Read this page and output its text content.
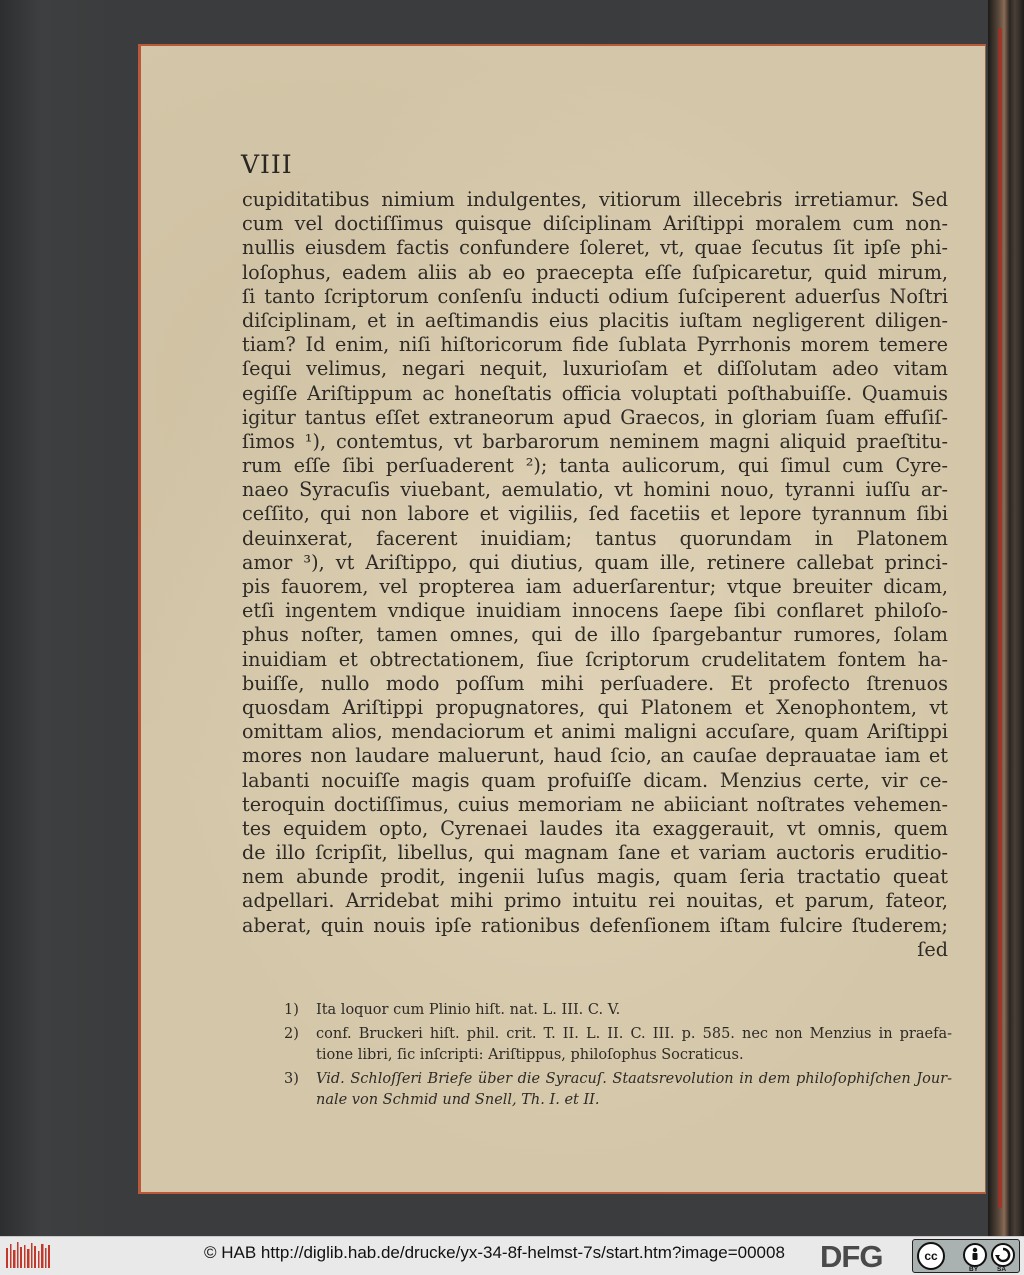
VIII
cupiditatibus nimium indulgentes, vitiorum illecebris irretiamur. Sed
cum vel doctiſſimus quisque diſciplinam Ariſtippi moralem cum non-
nullis eiusdem factis confundere ſoleret, vt, quae ſecutus ſit ipſe phi-
loſophus, eadem aliis ab eo praecepta eſſe ſuſpicaretur, quid mirum,
ſi tanto ſcriptorum conſenſu inducti odium ſuſciperent aduerſus Noſtri
diſciplinam, et in aeſtimandis eius placitis iuſtam negligerent diligen-
tiam? Id enim, niſi hiſtoricorum fide ſublata Pyrrhonis morem temere
ſequi velimus, negari nequit, luxurioſam et diſſolutam adeo vitam
egiſſe Ariſtippum ac honeſtatis officia voluptati poſthabuiſſe. Quamuis
igitur tantus eſſet extraneorum apud Graecos, in gloriam ſuam effuſiſ-
ſimos ¹), contemtus, vt barbarorum neminem magni aliquid praeſtitu-
rum eſſe ſibi perſuaderent ²); tanta aulicorum, qui ſimul cum Cyre-
naeo Syracuſis viuebant, aemulatio, vt homini nouo, tyranni iuſſu ar-
ceſſito, qui non labore et vigiliis, ſed facetiis et lepore tyrannum ſibi
deuinxerat, facerent inuidiam; tantus quorundam in Platonem
amor ³), vt Ariſtippo, qui diutius, quam ille, retinere callebat princi-
pis fauorem, vel propterea iam aduerſarentur; vtque breuiter dicam,
etſi ingentem vndique inuidiam innocens ſaepe ſibi conflaret philoſo-
phus noſter, tamen omnes, qui de illo ſpargebantur rumores, ſolam
inuidiam et obtrectationem, ſiue ſcriptorum crudelitatem fontem ha-
buiſſe, nullo modo poſſum mihi perſuadere. Et profecto ſtrenuos
quosdam Ariſtippi propugnatores, qui Platonem et Xenophontem, vt
omittam alios, mendaciorum et animi maligni accuſare, quam Ariſtippi
mores non laudare maluerunt, haud ſcio, an cauſae deprauatae iam et
labanti nocuiſſe magis quam profuiſſe dicam. Menzius certe, vir ce-
teroquin doctiſſimus, cuius memoriam ne abiiciant noſtrates vehemen-
tes equidem opto, Cyrenaei laudes ita exaggerauit, vt omnis, quem
de illo ſcripſit, libellus, qui magnam ſane et variam auctoris eruditio-
nem abunde prodit, ingenii luſus magis, quam ſeria tractatio queat
adpellari. Arridebat mihi primo intuitu rei nouitas, et parum, fateor,
aberat, quin nouis ipſe rationibus defenſionem iſtam fulcire ſtuderem;
ſed
1)	Ita loquor cum Plinio hiſt. nat. L. III. C. V.
2)	conf. Bruckeri hiſt. phil. crit. T. II. L. II. C. III. p. 585. nec non Menzius in praefa-
tione libri, ſic inſcripti: Ariſtippus, philoſophus Socraticus.
3)	Vid. Schloſſeri Briefe über die Syracuſ. Staatsrevolution in dem philoſophiſchen Jour-
nale von Schmid und Snell, Th. I. et II.
© HAB http://diglib.hab.de/drucke/yx-34-8f-helmst-7s/start.htm?image=00008 DFG	cc
BY	SA
